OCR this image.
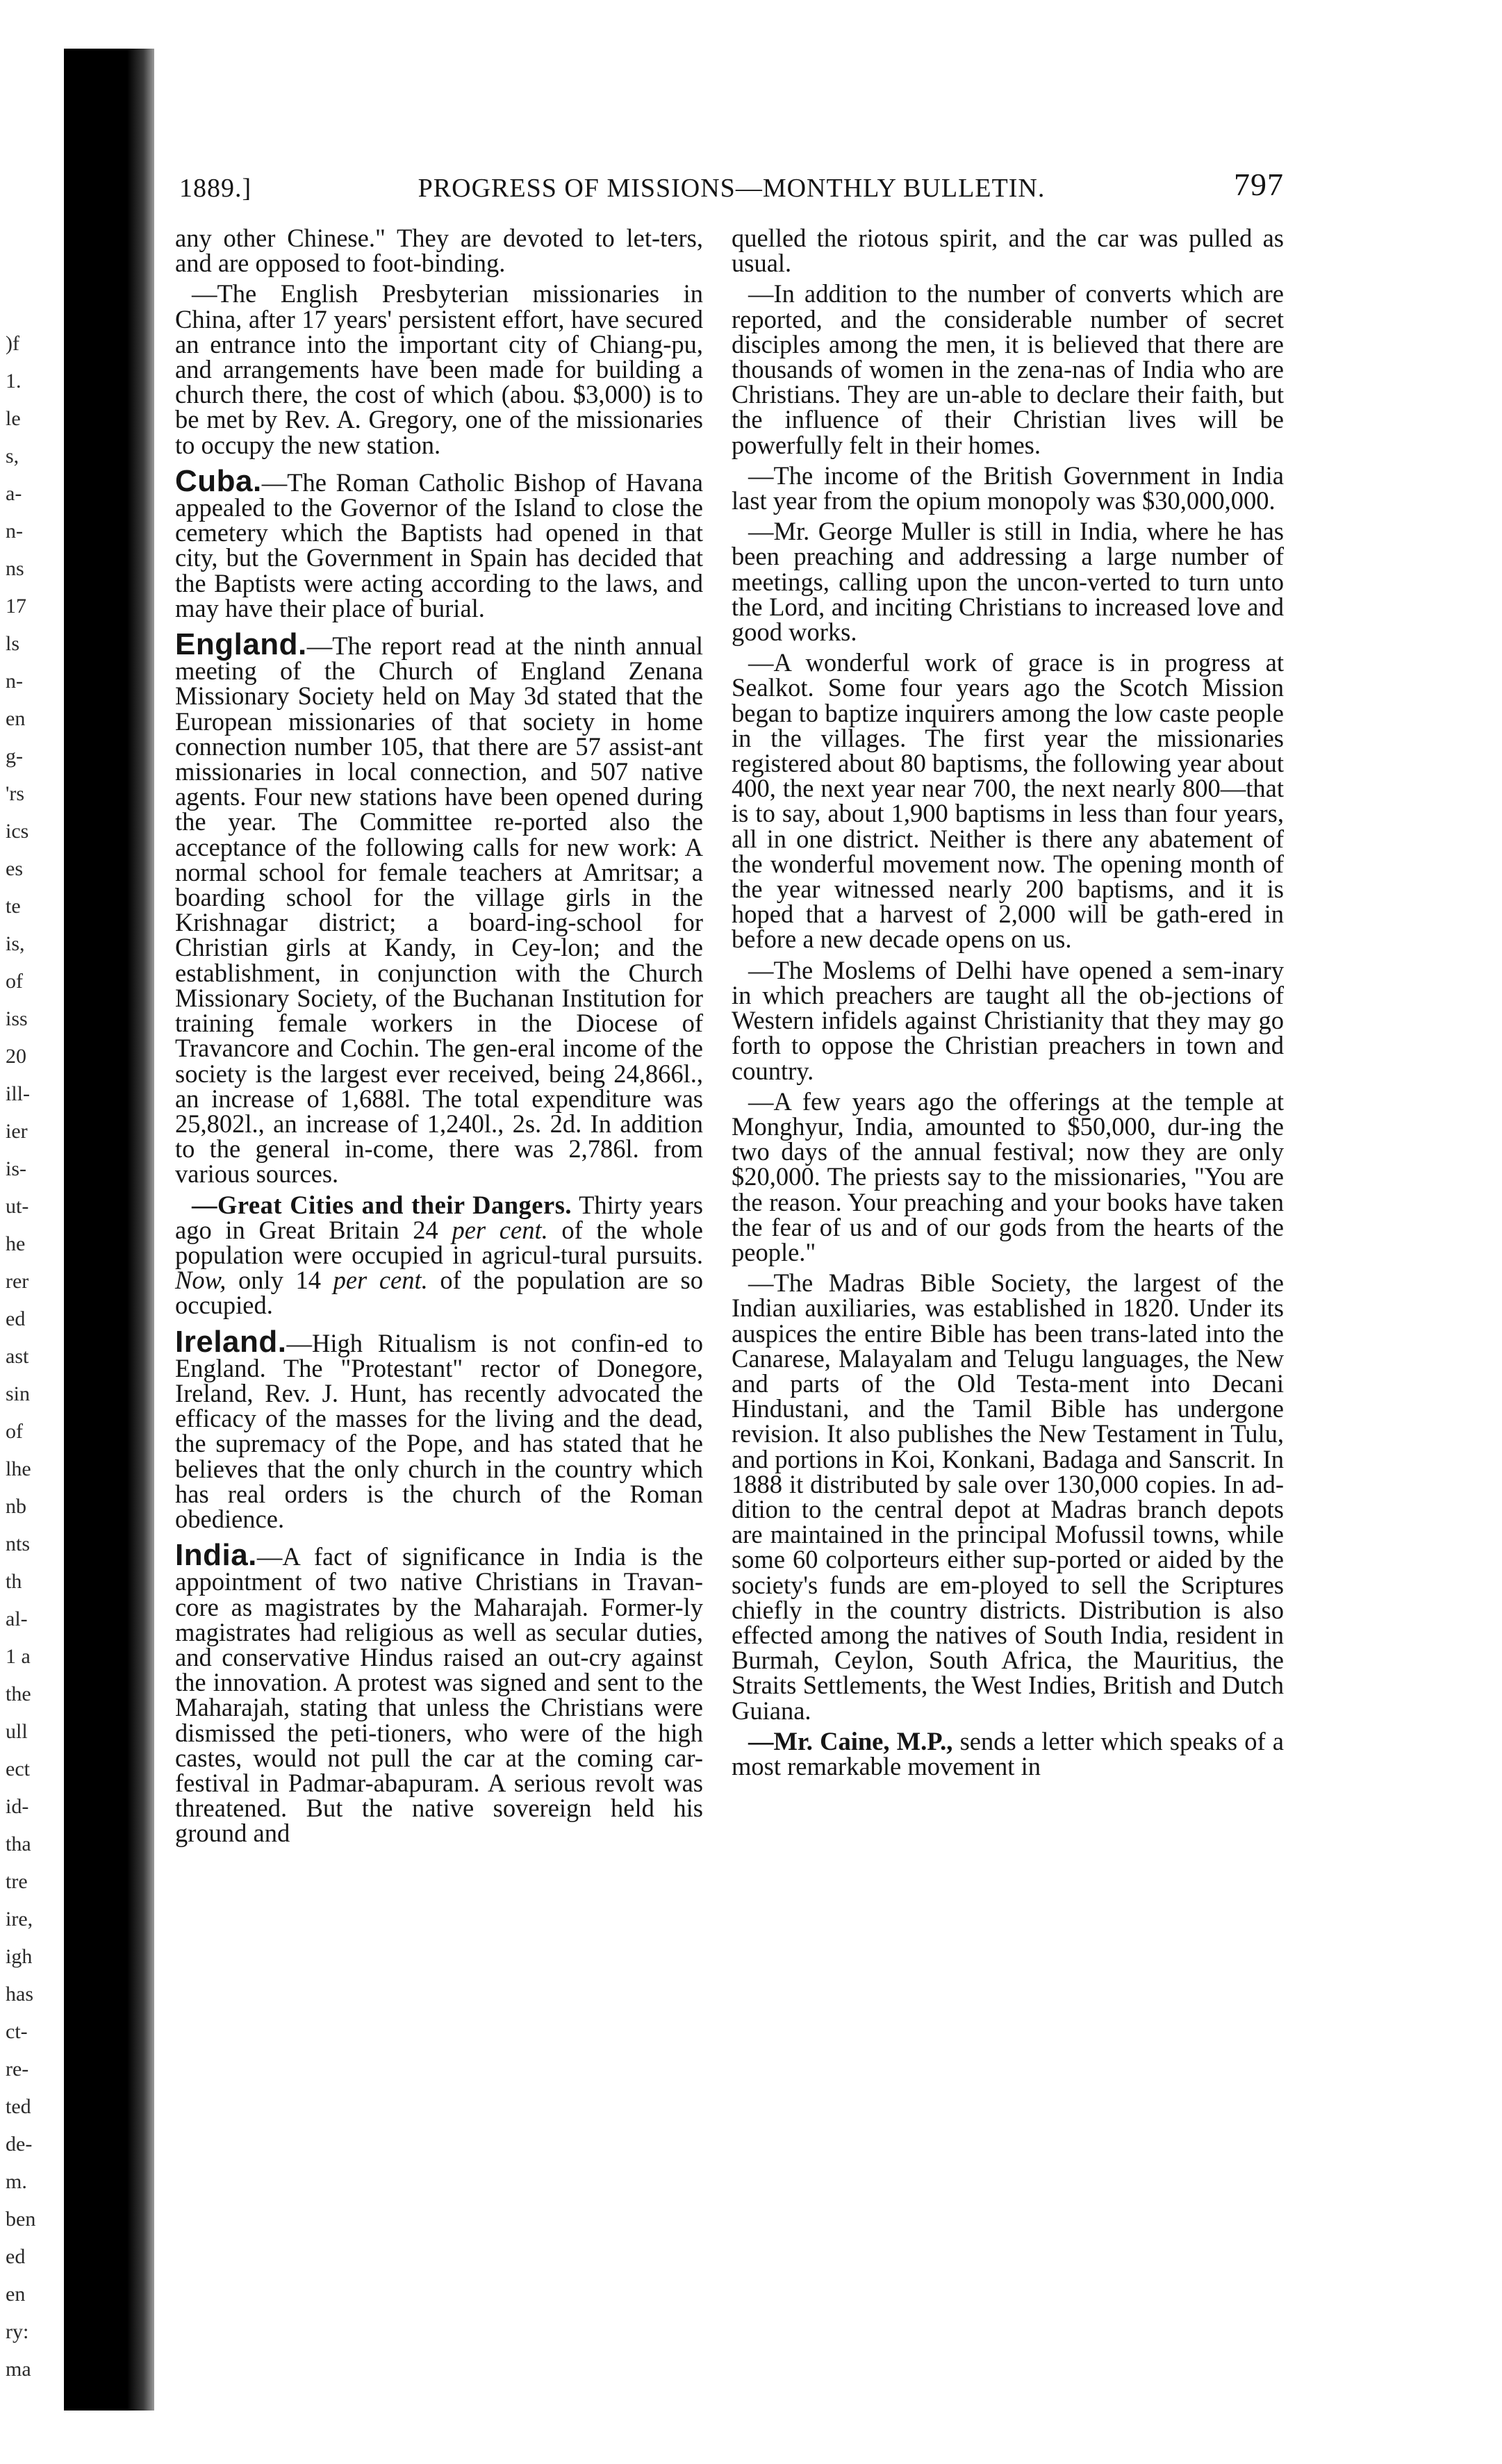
)f
1.
le
s,
a-
n-
ns
17
ls
n-
en
g-
'rs
ics
es
te
is,
of
iss
20
ill-
ier
is-
ut-
he
rer
ed
ast
sin
of
lhe
nb
nts
th
al-
1 a
the
ull
ect
id-
tha
tre
ire,
igh
has
ct-
re-
ted
de-
m.
ben
ed
en
ry:
ma
1889.]	PROGRESS OF MISSIONS—MONTHLY BULLETIN.	797

any other Chinese." They are devoted to let-ters, and are opposed to foot-binding.

—The English Presbyterian missionaries in China, after 17 years' persistent effort, have secured an entrance into the important city of Chiang-pu, and arrangements have been made for building a church there, the cost of which (abou. $3,000) is to be met by Rev. A. Gregory, one of the missionaries to occupy the new station.

Cuba.—The Roman Catholic Bishop of Havana appealed to the Governor of the Island to close the cemetery which the Baptists had opened in that city, but the Government in Spain has decided that the Baptists were acting according to the laws, and may have their place of burial.

England.—The report read at the ninth annual meeting of the Church of England Zenana Missionary Society held on May 3d stated that the European missionaries of that society in home connection number 105, that there are 57 assist-ant missionaries in local connection, and 507 native agents. Four new stations have been opened during the year. The Committee re-ported also the acceptance of the following calls for new work: A normal school for female teachers at Amritsar; a boarding school for the village girls in the Krishnagar district; a board-ing-school for Christian girls at Kandy, in Cey-lon; and the establishment, in conjunction with the Church Missionary Society, of the Buchanan Institution for training female workers in the Diocese of Travancore and Cochin. The gen-eral income of the society is the largest ever received, being 24,866l., an increase of 1,688l. The total expenditure was 25,802l., an increase of 1,240l., 2s. 2d. In addition to the general in-come, there was 2,786l. from various sources.

—Great Cities and their Dangers. Thirty years ago in Great Britain 24 per cent. of the whole population were occupied in agricul-tural pursuits. Now, only 14 per cent. of the population are so occupied.

Ireland.—High Ritualism is not confin-ed to England. The "Protestant" rector of Donegore, Ireland, Rev. J. Hunt, has recently advocated the efficacy of the masses for the living and the dead, the supremacy of the Pope, and has stated that he believes that the only church in the country which has real orders is the church of the Roman obedience.

India.—A fact of significance in India is the appointment of two native Christians in Travan-core as magistrates by the Maharajah. Former-ly magistrates had religious as well as secular duties, and conservative Hindus raised an out-cry against the innovation. A protest was signed and sent to the Maharajah, stating that unless the Christians were dismissed the peti-tioners, who were of the high castes, would not pull the car at the coming car-festival in Padmar-abapuram. A serious revolt was threatened. But the native sovereign held his ground and

quelled the riotous spirit, and the car was pulled as usual.

—In addition to the number of converts which are reported, and the considerable number of secret disciples among the men, it is believed that there are thousands of women in the zena-nas of India who are Christians. They are un-able to declare their faith, but the influence of their Christian lives will be powerfully felt in their homes.

—The income of the British Government in India last year from the opium monopoly was $30,000,000.

—Mr. George Muller is still in India, where he has been preaching and addressing a large number of meetings, calling upon the uncon-verted to turn unto the Lord, and inciting Christians to increased love and good works.

—A wonderful work of grace is in progress at Sealkot. Some four years ago the Scotch Mission began to baptize inquirers among the low caste people in the villages. The first year the missionaries registered about 80 baptisms, the following year about 400, the next year near 700, the next nearly 800—that is to say, about 1,900 baptisms in less than four years, all in one district. Neither is there any abatement of the wonderful movement now. The opening month of the year witnessed nearly 200 baptisms, and it is hoped that a harvest of 2,000 will be gath-ered in before a new decade opens on us.

—The Moslems of Delhi have opened a sem-inary in which preachers are taught all the ob-jections of Western infidels against Christianity that they may go forth to oppose the Christian preachers in town and country.

—A few years ago the offerings at the temple at Monghyur, India, amounted to $50,000, dur-ing the two days of the annual festival; now they are only $20,000. The priests say to the missionaries, "You are the reason. Your preaching and your books have taken the fear of us and of our gods from the hearts of the people."

—The Madras Bible Society, the largest of the Indian auxiliaries, was established in 1820. Under its auspices the entire Bible has been trans-lated into the Canarese, Malayalam and Telugu languages, the New and parts of the Old Testa-ment into Decani Hindustani, and the Tamil Bible has undergone revision. It also publishes the New Testament in Tulu, and portions in Koi, Konkani, Badaga and Sanscrit. In 1888 it distributed by sale over 130,000 copies. In ad-dition to the central depot at Madras branch depots are maintained in the principal Mofussil towns, while some 60 colporteurs either sup-ported or aided by the society's funds are em-ployed to sell the Scriptures chiefly in the country districts. Distribution is also effected among the natives of South India, resident in Burmah, Ceylon, South Africa, the Mauritius, the Straits Settlements, the West Indies, British and Dutch Guiana.

—Mr. Caine, M.P., sends a letter which speaks of a most remarkable movement in
